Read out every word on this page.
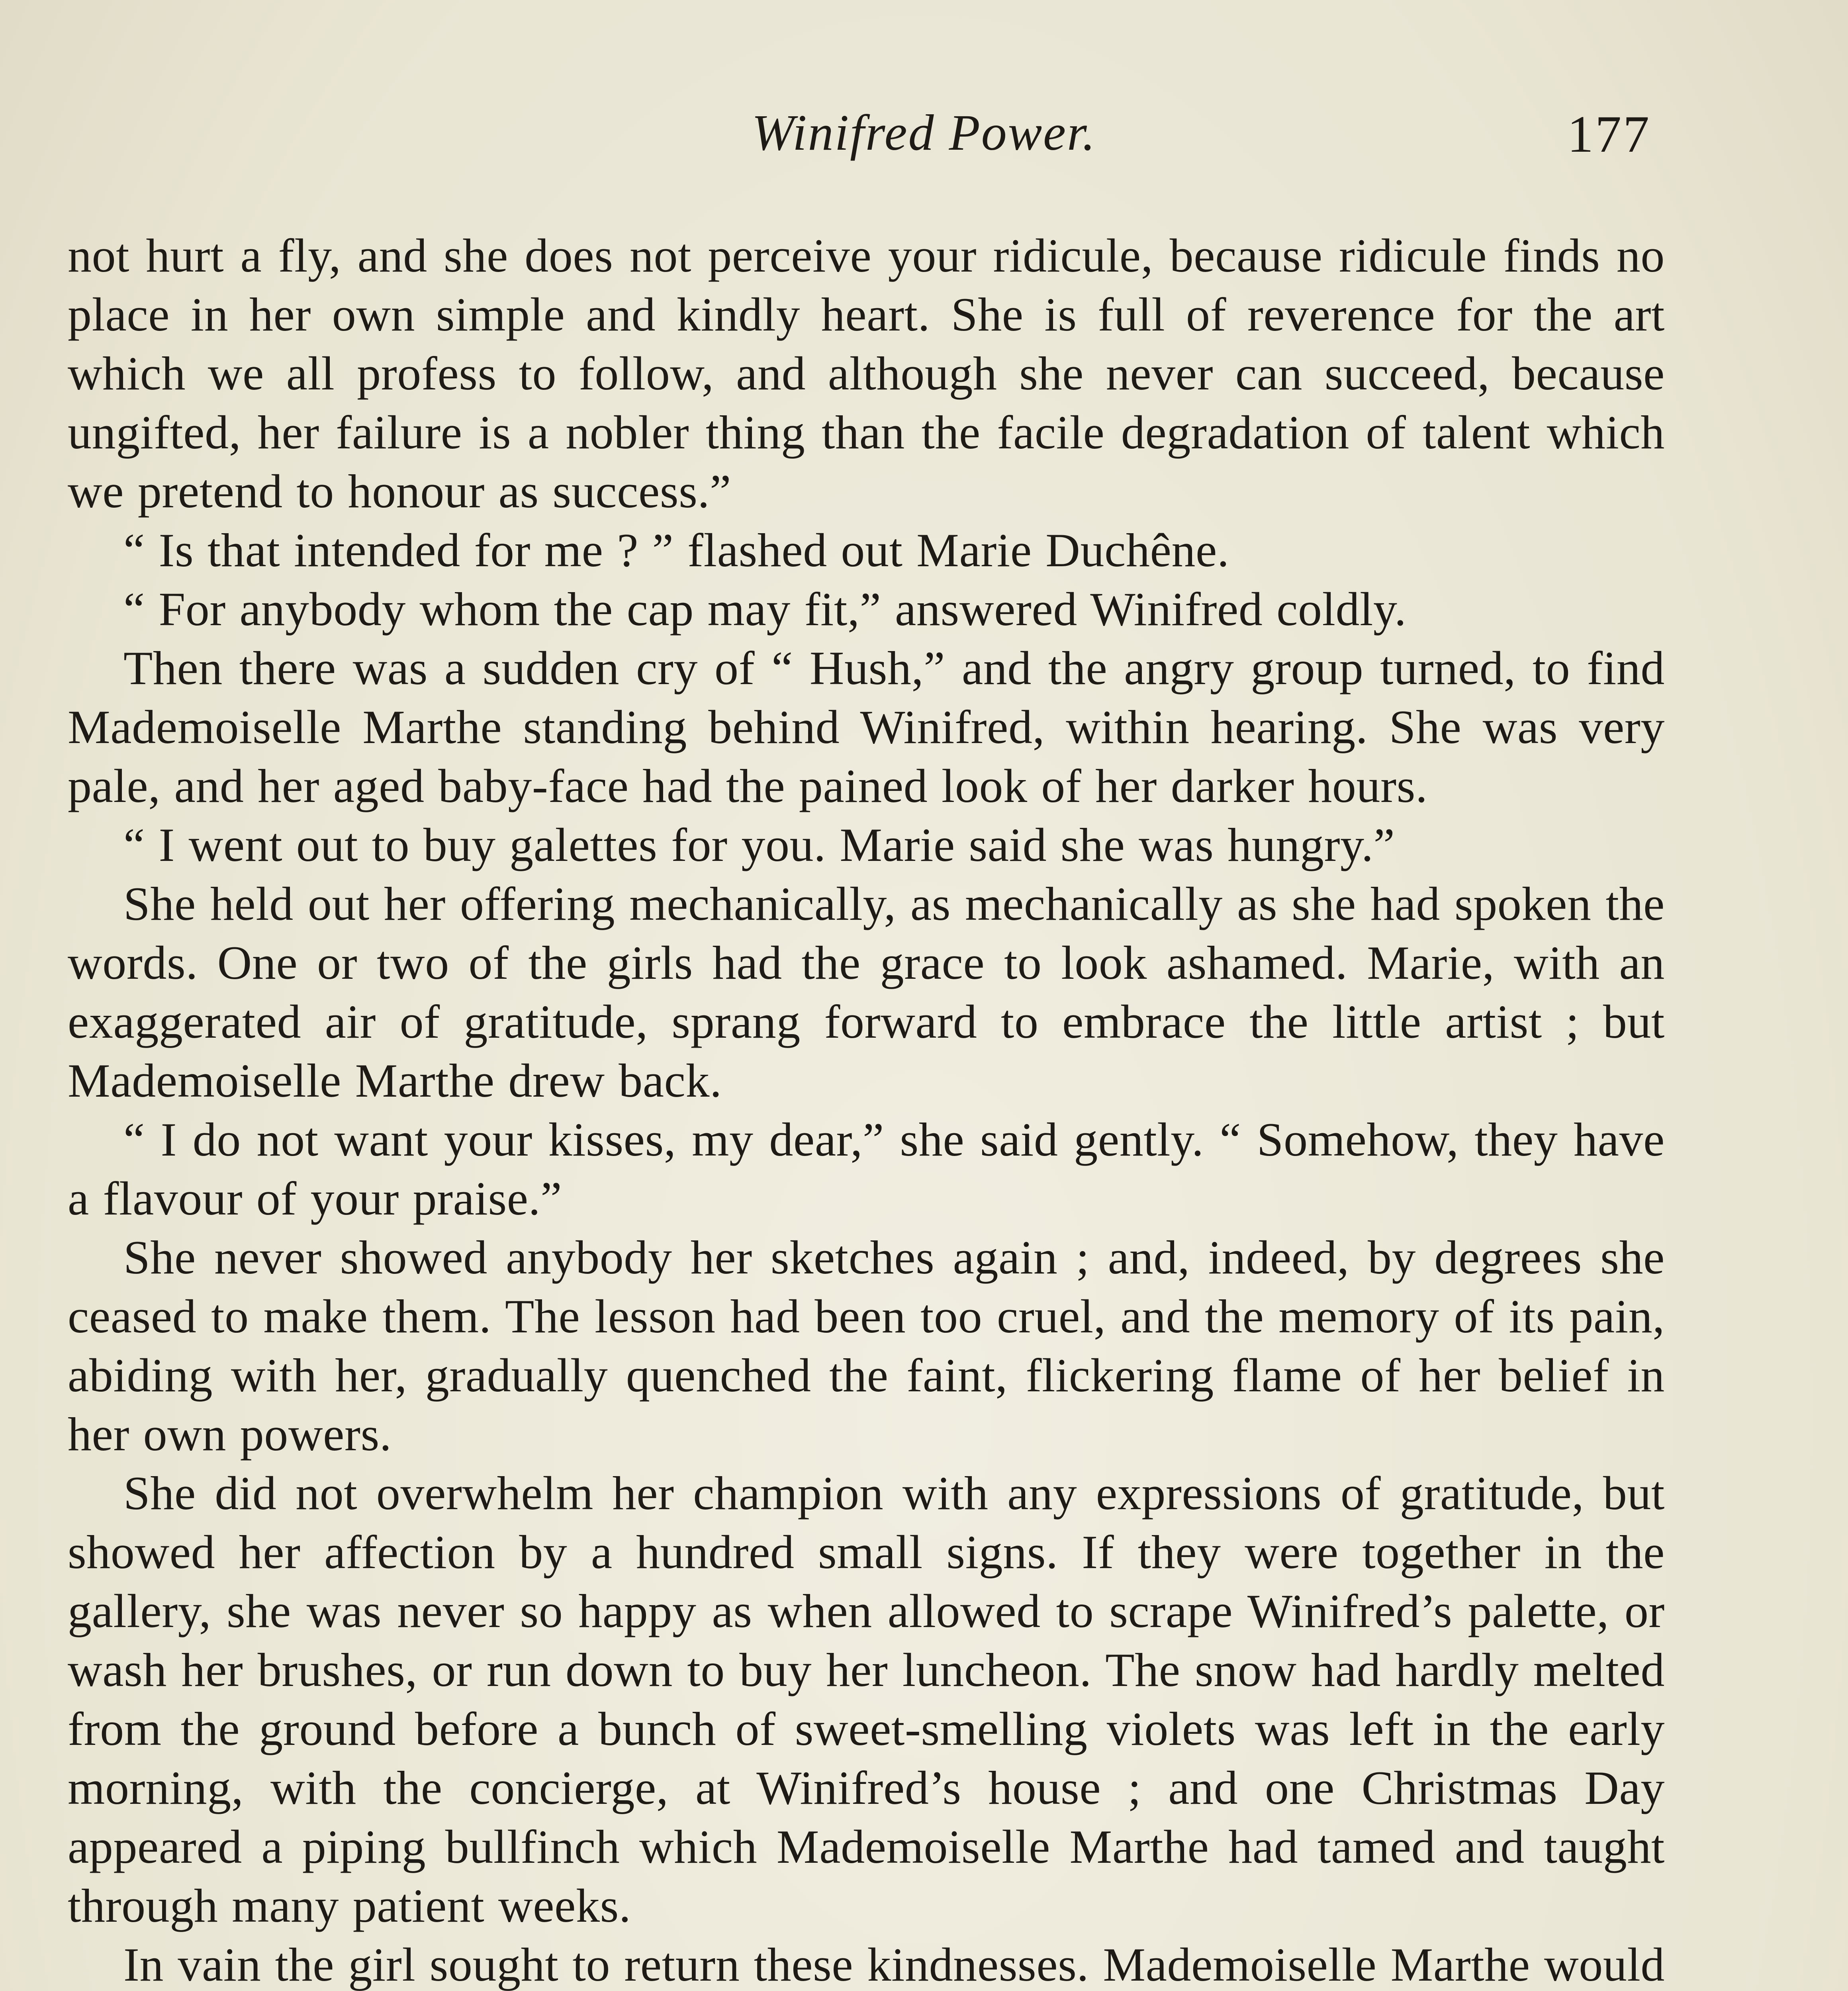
Winifred Power.	177

not hurt a fly, and she does not perceive your ridicule, because ridicule finds no place in her own simple and kindly heart. She is full of reverence for the art which we all profess to follow, and although she never can succeed, because ungifted, her failure is a nobler thing than the facile degradation of talent which we pretend to honour as success.”

“ Is that intended for me ? ” flashed out Marie Duchêne.

“ For anybody whom the cap may fit,” answered Winifred coldly.

Then there was a sudden cry of “ Hush,” and the angry group turned, to find Mademoiselle Marthe standing behind Winifred, within hearing. She was very pale, and her aged baby-face had the pained look of her darker hours.

“ I went out to buy galettes for you. Marie said she was hungry.”

She held out her offering mechanically, as mechanically as she had spoken the words. One or two of the girls had the grace to look ashamed. Marie, with an exaggerated air of gratitude, sprang forward to embrace the little artist ; but Mademoiselle Marthe drew back.

“ I do not want your kisses, my dear,” she said gently. “ Somehow, they have a flavour of your praise.”

She never showed anybody her sketches again ; and, indeed, by degrees she ceased to make them. The lesson had been too cruel, and the memory of its pain, abiding with her, gradually quenched the faint, flickering flame of her belief in her own powers.

She did not overwhelm her champion with any expressions of gratitude, but showed her affection by a hundred small signs. If they were together in the gallery, she was never so happy as when allowed to scrape Winifred’s palette, or wash her brushes, or run down to buy her luncheon. The snow had hardly melted from the ground before a bunch of sweet-smelling violets was left in the early morning, with the concierge, at Winifred’s house ; and one Christmas Day appeared a piping bullfinch which Mademoiselle Marthe had tamed and taught through many patient weeks.

In vain the girl sought to return these kindnesses. Mademoiselle Marthe would
